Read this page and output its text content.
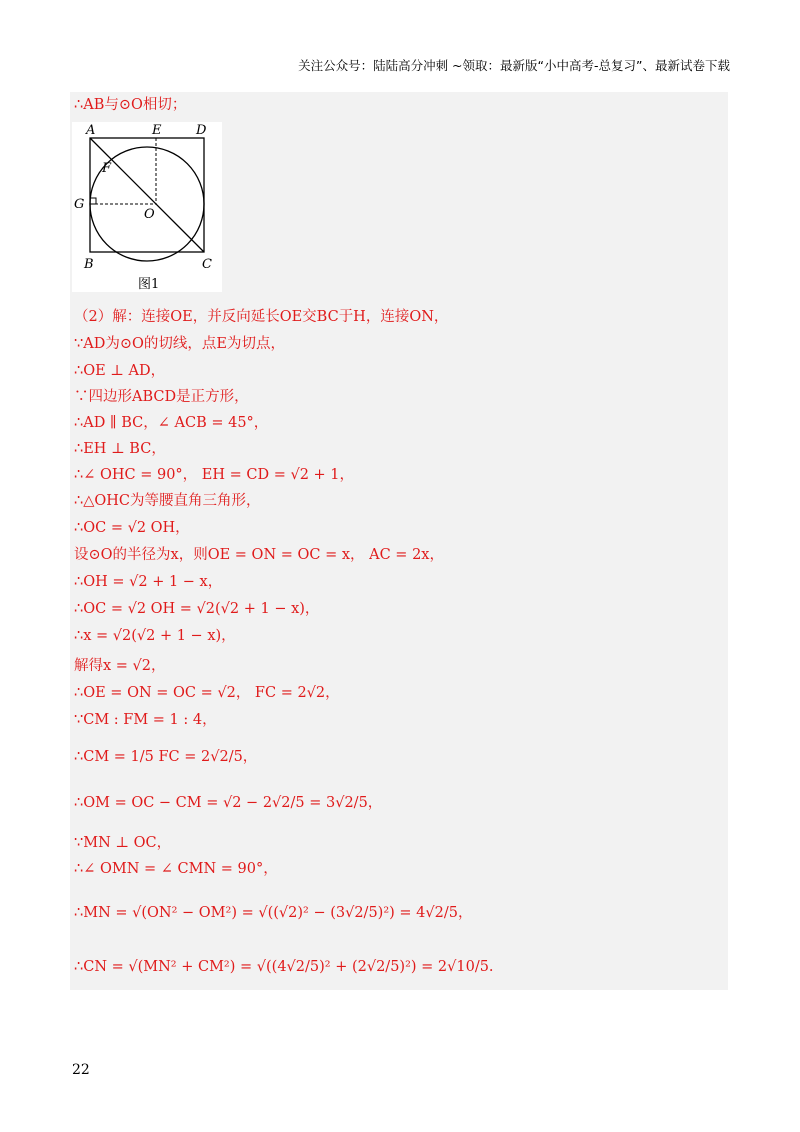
关注公众号：陆陆高分冲刺 ~领取：最新版“小中高考-总复习”、最新试卷下载
∴AB与⊙O相切；
A	E	D
F
G
O
B	C
图1
（2）解：连接OE，并反向延长OE交BC于H，连接ON，
∵AD为⊙O的切线，点E为切点，
∴OE ⊥ AD，
∵四边形ABCD是正方形，
∴AD ∥ BC，∠ ACB = 45°，
∴EH ⊥ BC，
∴∠ OHC = 90°， EH = CD = √2 + 1，
∴△OHC为等腰直角三角形，
∴OC = √2 OH，
设⊙O的半径为x，则OE = ON = OC = x， AC = 2x，
∴OH = √2 + 1 − x，
∴OC = √2 OH = √2(√2 + 1 − x)，
∴x = √2(√2 + 1 − x)，
解得x = √2，
∴OE = ON = OC = √2， FC = 2√2，
∵CM : FM = 1 : 4，
∴CM = 1/5 FC = 2√2/5，
∴OM = OC − CM = √2 − 2√2/5 = 3√2/5，
∵MN ⊥ OC，
∴∠ OMN = ∠ CMN = 90°，
∴MN = √(ON² − OM²) = √((√2)² − (3√2/5)²) = 4√2/5，
∴CN = √(MN² + CM²) = √((4√2/5)² + (2√2/5)²) = 2√10/5.
22
